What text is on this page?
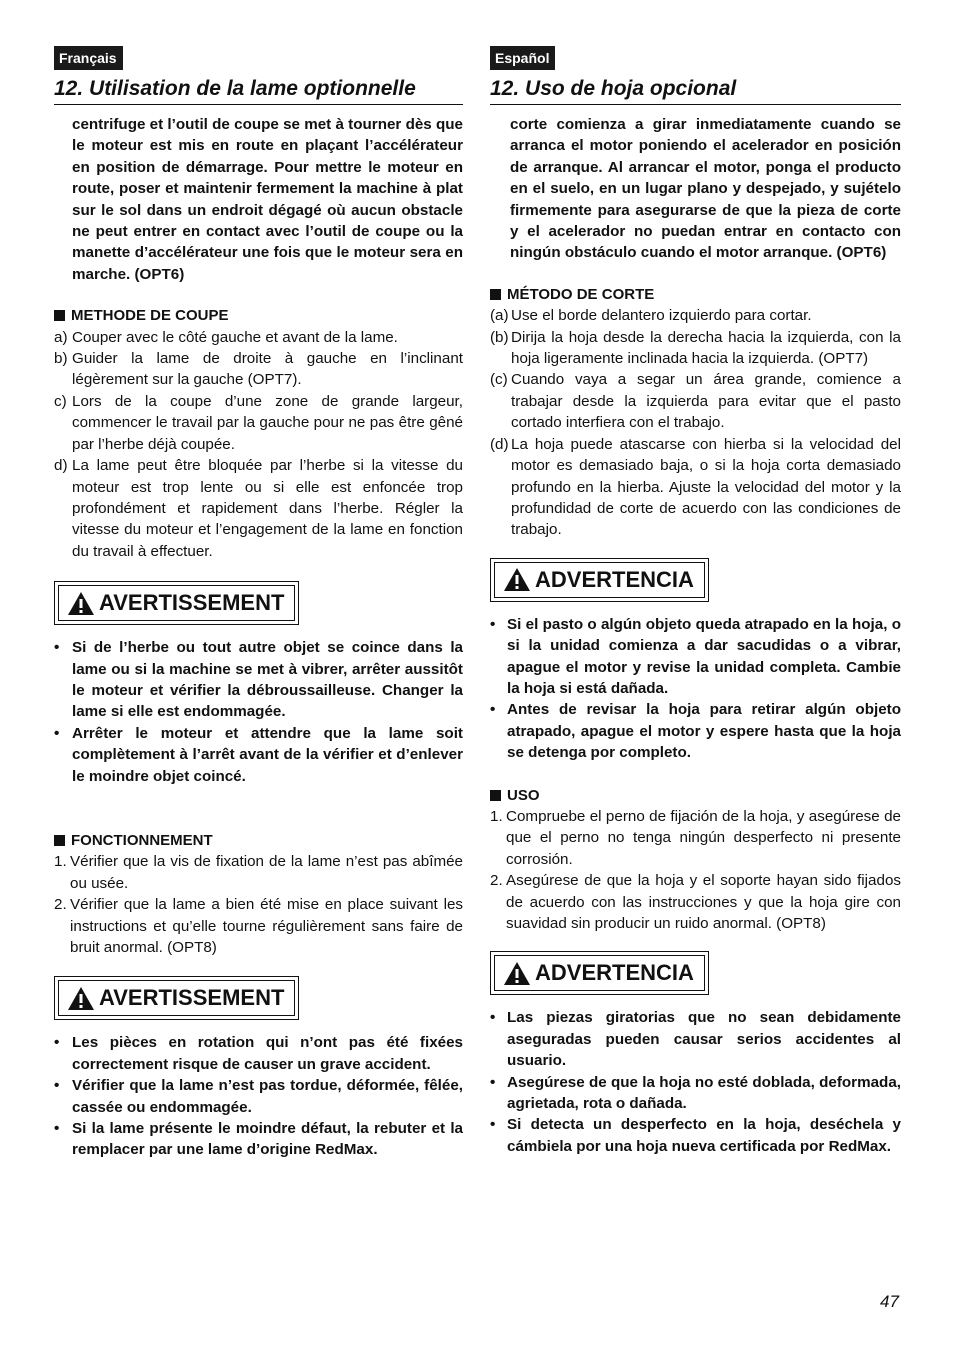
Français
12. Utilisation de la lame optionnelle

centrifuge et l’outil de coupe se met à tourner dès que le moteur est mis en route en plaçant l’accélérateur en position de démarrage. Pour mettre le moteur en route, poser et maintenir fermement la machine à plat sur le sol dans un endroit dégagé où aucun obstacle ne peut entrer en contact avec l’outil de coupe ou la manette d’accélérateur une fois que le moteur sera en marche. (OPT6)

METHODE DE COUPE
a) Couper avec le côté gauche et avant de la lame.
b) Guider la lame de droite à gauche en l’inclinant légèrement sur la gauche (OPT7).
c) Lors de la coupe d’une zone de grande largeur, commencer le travail par la gauche pour ne pas être gêné par l’herbe déjà coupée.
d) La lame peut être bloquée par l’herbe si la vitesse du moteur est trop lente ou si elle est enfoncée trop profondément et rapidement dans l’herbe. Régler la vitesse du moteur et l’engagement de la lame en fonction du travail à effectuer.
AVERTISSEMENT
• Si de l’herbe ou tout autre objet se coince dans la lame ou si la machine se met à vibrer, arrêter aussitôt le moteur et vérifier la débroussailleuse. Changer la lame si elle est endommagée.
• Arrêter le moteur et attendre que la lame soit complètement à l’arrêt avant de la vérifier et d’enlever le moindre objet coincé.
FONCTIONNEMENT
1. Vérifier que la vis de fixation de la lame n’est pas abîmée ou usée.
2. Vérifier que la lame a bien été mise en place suivant les instructions et qu’elle tourne régulièrement sans faire de bruit anormal. (OPT8)
AVERTISSEMENT
• Les pièces en rotation qui n’ont pas été fixées correctement risque de causer un grave accident.
• Vérifier que la lame n’est pas tordue, déformée, fêlée, cassée ou endommagée.
• Si la lame présente le moindre défaut, la rebuter et la remplacer par une lame d’origine RedMax.
Español
12. Uso de hoja opcional

corte comienza a girar inmediatamente cuando se arranca el motor poniendo el acelerador en posición de arranque. Al arrancar el motor, ponga el producto en el suelo, en un lugar plano y despejado, y sujételo firmemente para asegurarse de que la pieza de corte y el acelerador no puedan entrar en contacto con ningún obstáculo cuando el motor arranque. (OPT6)

MÉTODO DE CORTE
(a) Use el borde delantero izquierdo para cortar.
(b) Dirija la hoja desde la derecha hacia la izquierda, con la hoja ligeramente inclinada hacia la izquierda. (OPT7)
(c) Cuando vaya a segar un área grande, comience a trabajar desde la izquierda para evitar que el pasto cortado interfiera con el trabajo.
(d) La hoja puede atascarse con hierba si la velocidad del motor es demasiado baja, o si la hoja corta demasiado profundo en la hierba. Ajuste la velocidad del motor y la profundidad de corte de acuerdo con las condiciones de trabajo.
ADVERTENCIA
• Si el pasto o algún objeto queda atrapado en la hoja, o si la unidad comienza a dar sacudidas o a vibrar, apague el motor y revise la unidad completa. Cambie la hoja si está dañada.
• Antes de revisar la hoja para retirar algún objeto atrapado, apague el motor y espere hasta que la hoja se detenga por completo.
USO
1. Compruebe el perno de fijación de la hoja, y asegúrese de que el perno no tenga ningún desperfecto ni presente corrosión.
2. Asegúrese de que la hoja y el soporte hayan sido fijados de acuerdo con las instrucciones y que la hoja gire con suavidad sin producir un ruido anormal. (OPT8)
ADVERTENCIA
• Las piezas giratorias que no sean debidamente aseguradas pueden causar serios accidentes al usuario.
• Asegúrese de que la hoja no esté doblada, deformada, agrietada, rota o dañada.
• Si detecta un desperfecto en la hoja, deséchela y cámbiela por una hoja nueva certificada por RedMax.
47
